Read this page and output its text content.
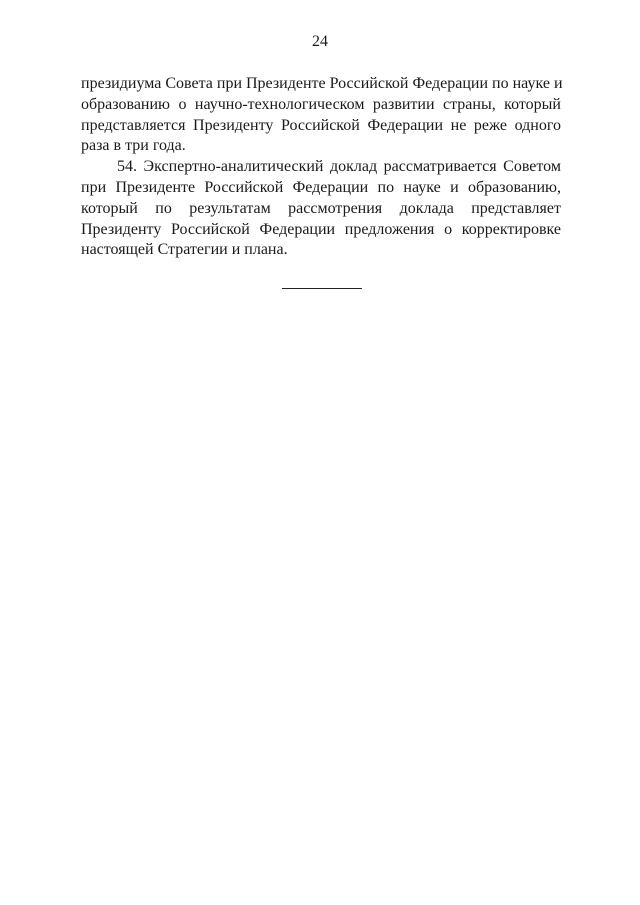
24
президиума Совета при Президенте Российской Федерации по науке и
образованию о научно-технологическом развитии страны, который
представляется Президенту Российской Федерации не реже одного
раза в три года.
54. Экспертно-аналитический доклад рассматривается Советом
при Президенте Российской Федерации по науке и образованию,
который по результатам рассмотрения доклада представляет
Президенту Российской Федерации предложения о корректировке
настоящей Стратегии и плана.
